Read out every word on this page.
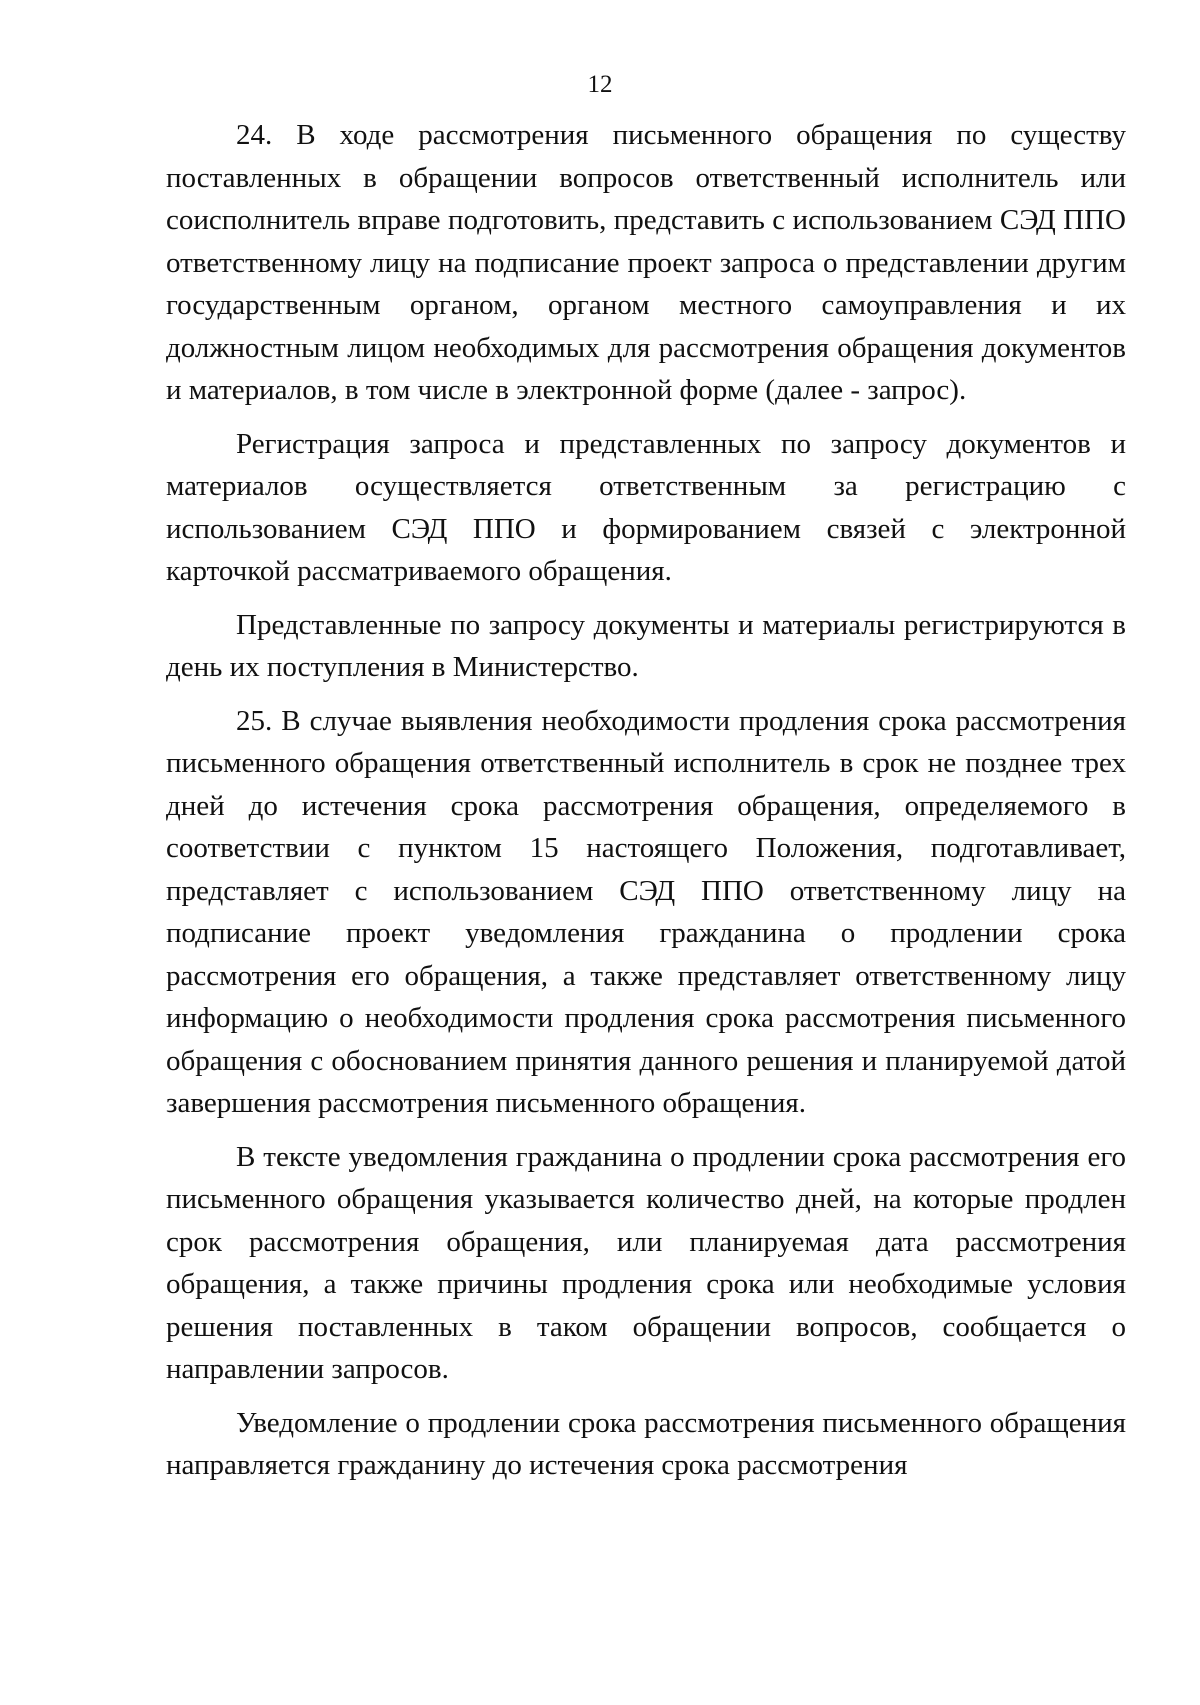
12

24. В ходе рассмотрения письменного обращения по существу поставленных в обращении вопросов ответственный исполнитель или соисполнитель вправе подготовить, представить с использованием СЭД ППО ответственному лицу на подписание проект запроса о представлении другим государственным органом, органом местного самоуправления и их должностным лицом необходимых для рассмотрения обращения документов и материалов, в том числе в электронной форме (далее - запрос).

Регистрация запроса и представленных по запросу документов и материалов осуществляется ответственным за регистрацию с использованием СЭД ППО и формированием связей с электронной карточкой рассматриваемого обращения.

Представленные по запросу документы и материалы регистрируются в день их поступления в Министерство.

25. В случае выявления необходимости продления срока рассмотрения письменного обращения ответственный исполнитель в срок не позднее трех дней до истечения срока рассмотрения обращения, определяемого в соответствии с пунктом 15 настоящего Положения, подготавливает, представляет с использованием СЭД ППО ответственному лицу на подписание проект уведомления гражданина о продлении срока рассмотрения его обращения, а также представляет ответственному лицу информацию о необходимости продления срока рассмотрения письменного обращения с обоснованием принятия данного решения и планируемой датой завершения рассмотрения письменного обращения.

В тексте уведомления гражданина о продлении срока рассмотрения его письменного обращения указывается количество дней, на которые продлен срок рассмотрения обращения, или планируемая дата рассмотрения обращения, а также причины продления срока или необходимые условия решения поставленных в таком обращении вопросов, сообщается о направлении запросов.

Уведомление о продлении срока рассмотрения письменного обращения направляется гражданину до истечения срока рассмотрения
